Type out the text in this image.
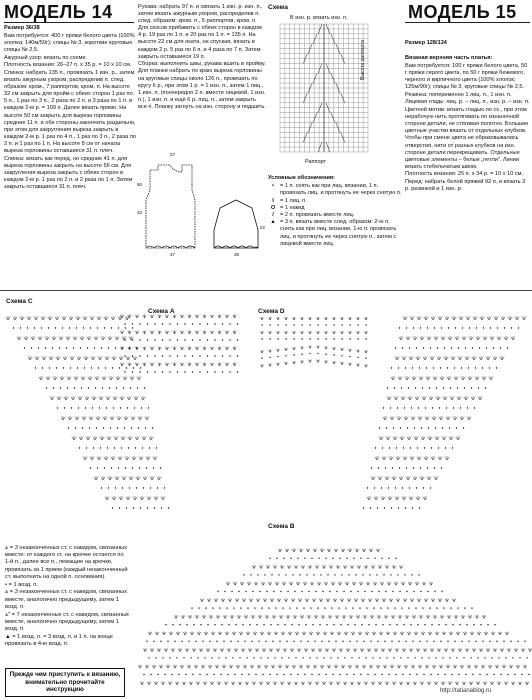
МОДЕЛЬ 14

Размер 36/38

Вам потребуется: 400 г пряжи белого цвета (100% хлопка; 140м/50г); спицы № 3, короткие круговые спицы № 2,5.

Ажурный узор: вязать по схеме.

Плотность вязания: 26–27 п. х 35 р. = 10 х 10 см.

Спинка: набрать 135 п., провязать 1 изн. р., затем вязать ажурным узором, распределив п. след. образом: кром., 7 раппортов, кром. п. На высоте 32 см закрыть для пройм с обеих сторон 1 раз по 5 п., 1 раз по 3 п., 2 раза по 2 п. и 3 раза по 1 п. в каждом 2-м р. = 109 п. Далее вязать прямо. На высоте 50 см закрыть для выреза горловины средние 11 п. и обе стороны закончить раздельно, при этом для закругления выреза закрыть в каждом 2-м р. 1 раз по 4 п., 1 раз по 3 п., 2 раза по 2 п. и 1 раз по 1 п. На высоте 8 см от начала выреза горловины оставшиеся 31 п. плеч.

Спинка: вязать как перед, но средние 41 п. для выреза горловины закрыть на высоте 56 см. Для закругления выреза закрыть с обеих сторон в каждом 2-м р. 1 раз по 2 п. и 2 раза по 1 п. Затем закрыть оставшиеся 31 п. плеч.

Рукава: набрать 97 п. и связать 1 изн. р. изн. п., затем вязать ажурным узором, распределив п. след. образом: кром. п., 5 раппортов, кром. п. Для скосов прибавить с обеих сторон в каждом 4 р. 19 раз по 1 п. и 20 раз по 1 п. = 135 п. На высоте 22 см для оката, не спуская, вязать в каждом 2 р. 5 раз по 6 п. и 4 раза по 7 п. Затем закрыть оставшиеся 19 п.

Сборка: выполнить швы, рукава вшить в пройму. Для планки набрать по краю выреза горловины на круговые спицы около 126 п., провязать по кругу 6 р., при этом 1 р. = 1 изн. п., затем 1 пиц., 1 изн. п. (поочередно 2 п. вместе лицевой, 1 изн. п.), 1 изн. п. и ещё 6 р. лиц. п., затем закрыть все п. Планку загнуть на изн. сторону и подшить.

27
32
37	36
22
50
Схема
В изн. р. вязать изн. п.
Высота раппорта
Раппорт
Условные обозначения:
•	= 1 п. снять как при лиц. вязании, 1 п. провязать лиц. и протянуть ее через снятую п.
I	= 1 лиц. п.
O = 1 накид
/	= 2 п. провязать вместе лиц.
▲ = 3 п. вязать вместе след. образом: 2-ю п. снять как при лиц. вязании, 1-ю п. провязать лиц. и протянуть ее через снятую п., затем с лицевой вместе лиц.
МОДЕЛЬ 15
Размер 128/134

Вязаная верхняя часть платья:

Вам потребуется: 100 г пряжи белого цвета, 50 г пряжи серого цвета, по 50 г пряжи бежевого, черного и кирпичного цвета (100% хлопок; 125м/90г); спицы № 3; круговые спицы № 2,5.

Резинка: попеременно 1 лиц. п., 1 изн. п.

Лицевая гладь: лиц. р. – лиц. п., изн. р. – изн. п.

Цветной мотив: вязать гладью по сх., при этом нерабочую нить протягивать по изнаночной стороне детали, не стягивая полотно. Большие цветные участки вязать от отдельных клубков. Чтобы при смене цвета не образовывались отверстия, нити от разных клубков на изн. стороне детали перекрещивать. Отдельные цветовые элементы – белые „петли“. Линии вязать стебельчатым швом.

Плотность вязания: 25 п. х 34 р. = 10 х 10 см.

Перед: набрать белой пряжей 92 п. и вязать 3 р. резинкой и 1 изн. р.

Схема C
Схема A	Схема D
Схема B

⩓ = 3 незаконченных ст. с накидом, связанных вместе: от каждого ст. на крючке остается по 1-й п., далее все п., лежащие на крючке, провязать за 1 прием (каждый незаконченный ст. выполнить на одной п. основания).

• = 1 возд. п.

⩓ = 3 незаконченных ст. с накидом, связанных вместе, аналогично предыдущему, затем 1 возд. п.

⩓⁺ = 7 незаконченных ст. с накидом, связанных вместе, аналогично предыдущему, затем 1 возд. п.

▲ = 1 возд. п. = 3 возд. п. и 1 п. на конце провязать в 4-ю возд. п.

Прежде чем приступить к вязанию, внимательно прочитайте инструкцию	http://tatianablog.ru
